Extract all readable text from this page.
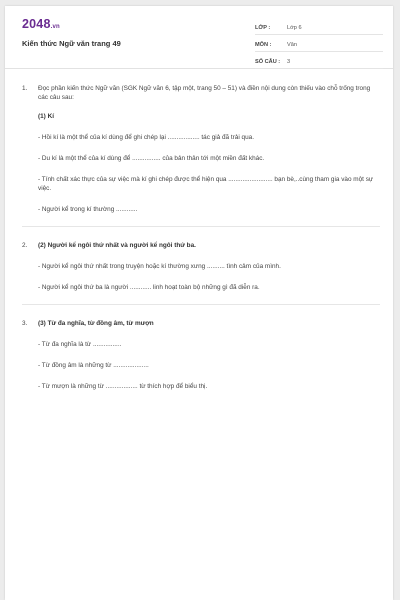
2048.vn
Kiến thức Ngữ văn trang 49
LỚP :	Lớp 6
MÔN :	Văn
SỐ CÂU :	3
1. Đọc phần kiến thức Ngữ văn (SGK Ngữ văn 6, tập một, trang 50 – 51) và điền nội dung còn thiếu vào chỗ trống trong các câu sau:
(1) Kí
- Hồi kí là một thể của kí dùng để ghi chép lại .................. tác giả đã trải qua.
- Du kí là một thể của kí dùng để ................ của bản thân tới một miền đất khác.
- Tính chất xác thực của sự việc mà kí ghi chép được thể hiện qua ......................... bạn bè,..cùng tham gia vào một sự việc.
- Người kể trong kí thường ............
2. (2) Người kể ngôi thứ nhất và người kể ngôi thứ ba.
- Người kể ngôi thứ nhất trong truyện hoặc kí thường xưng .......... tình cảm của mình.
- Người kể ngôi thứ ba là người ............ linh hoạt toàn bộ những gì đã diễn ra.
3. (3) Từ đa nghĩa, từ đồng âm, từ mượn
- Từ đa nghĩa là từ ................
- Từ đồng âm là những từ ....................
- Từ mượn là những từ .................. từ thích hợp để biểu thị.
